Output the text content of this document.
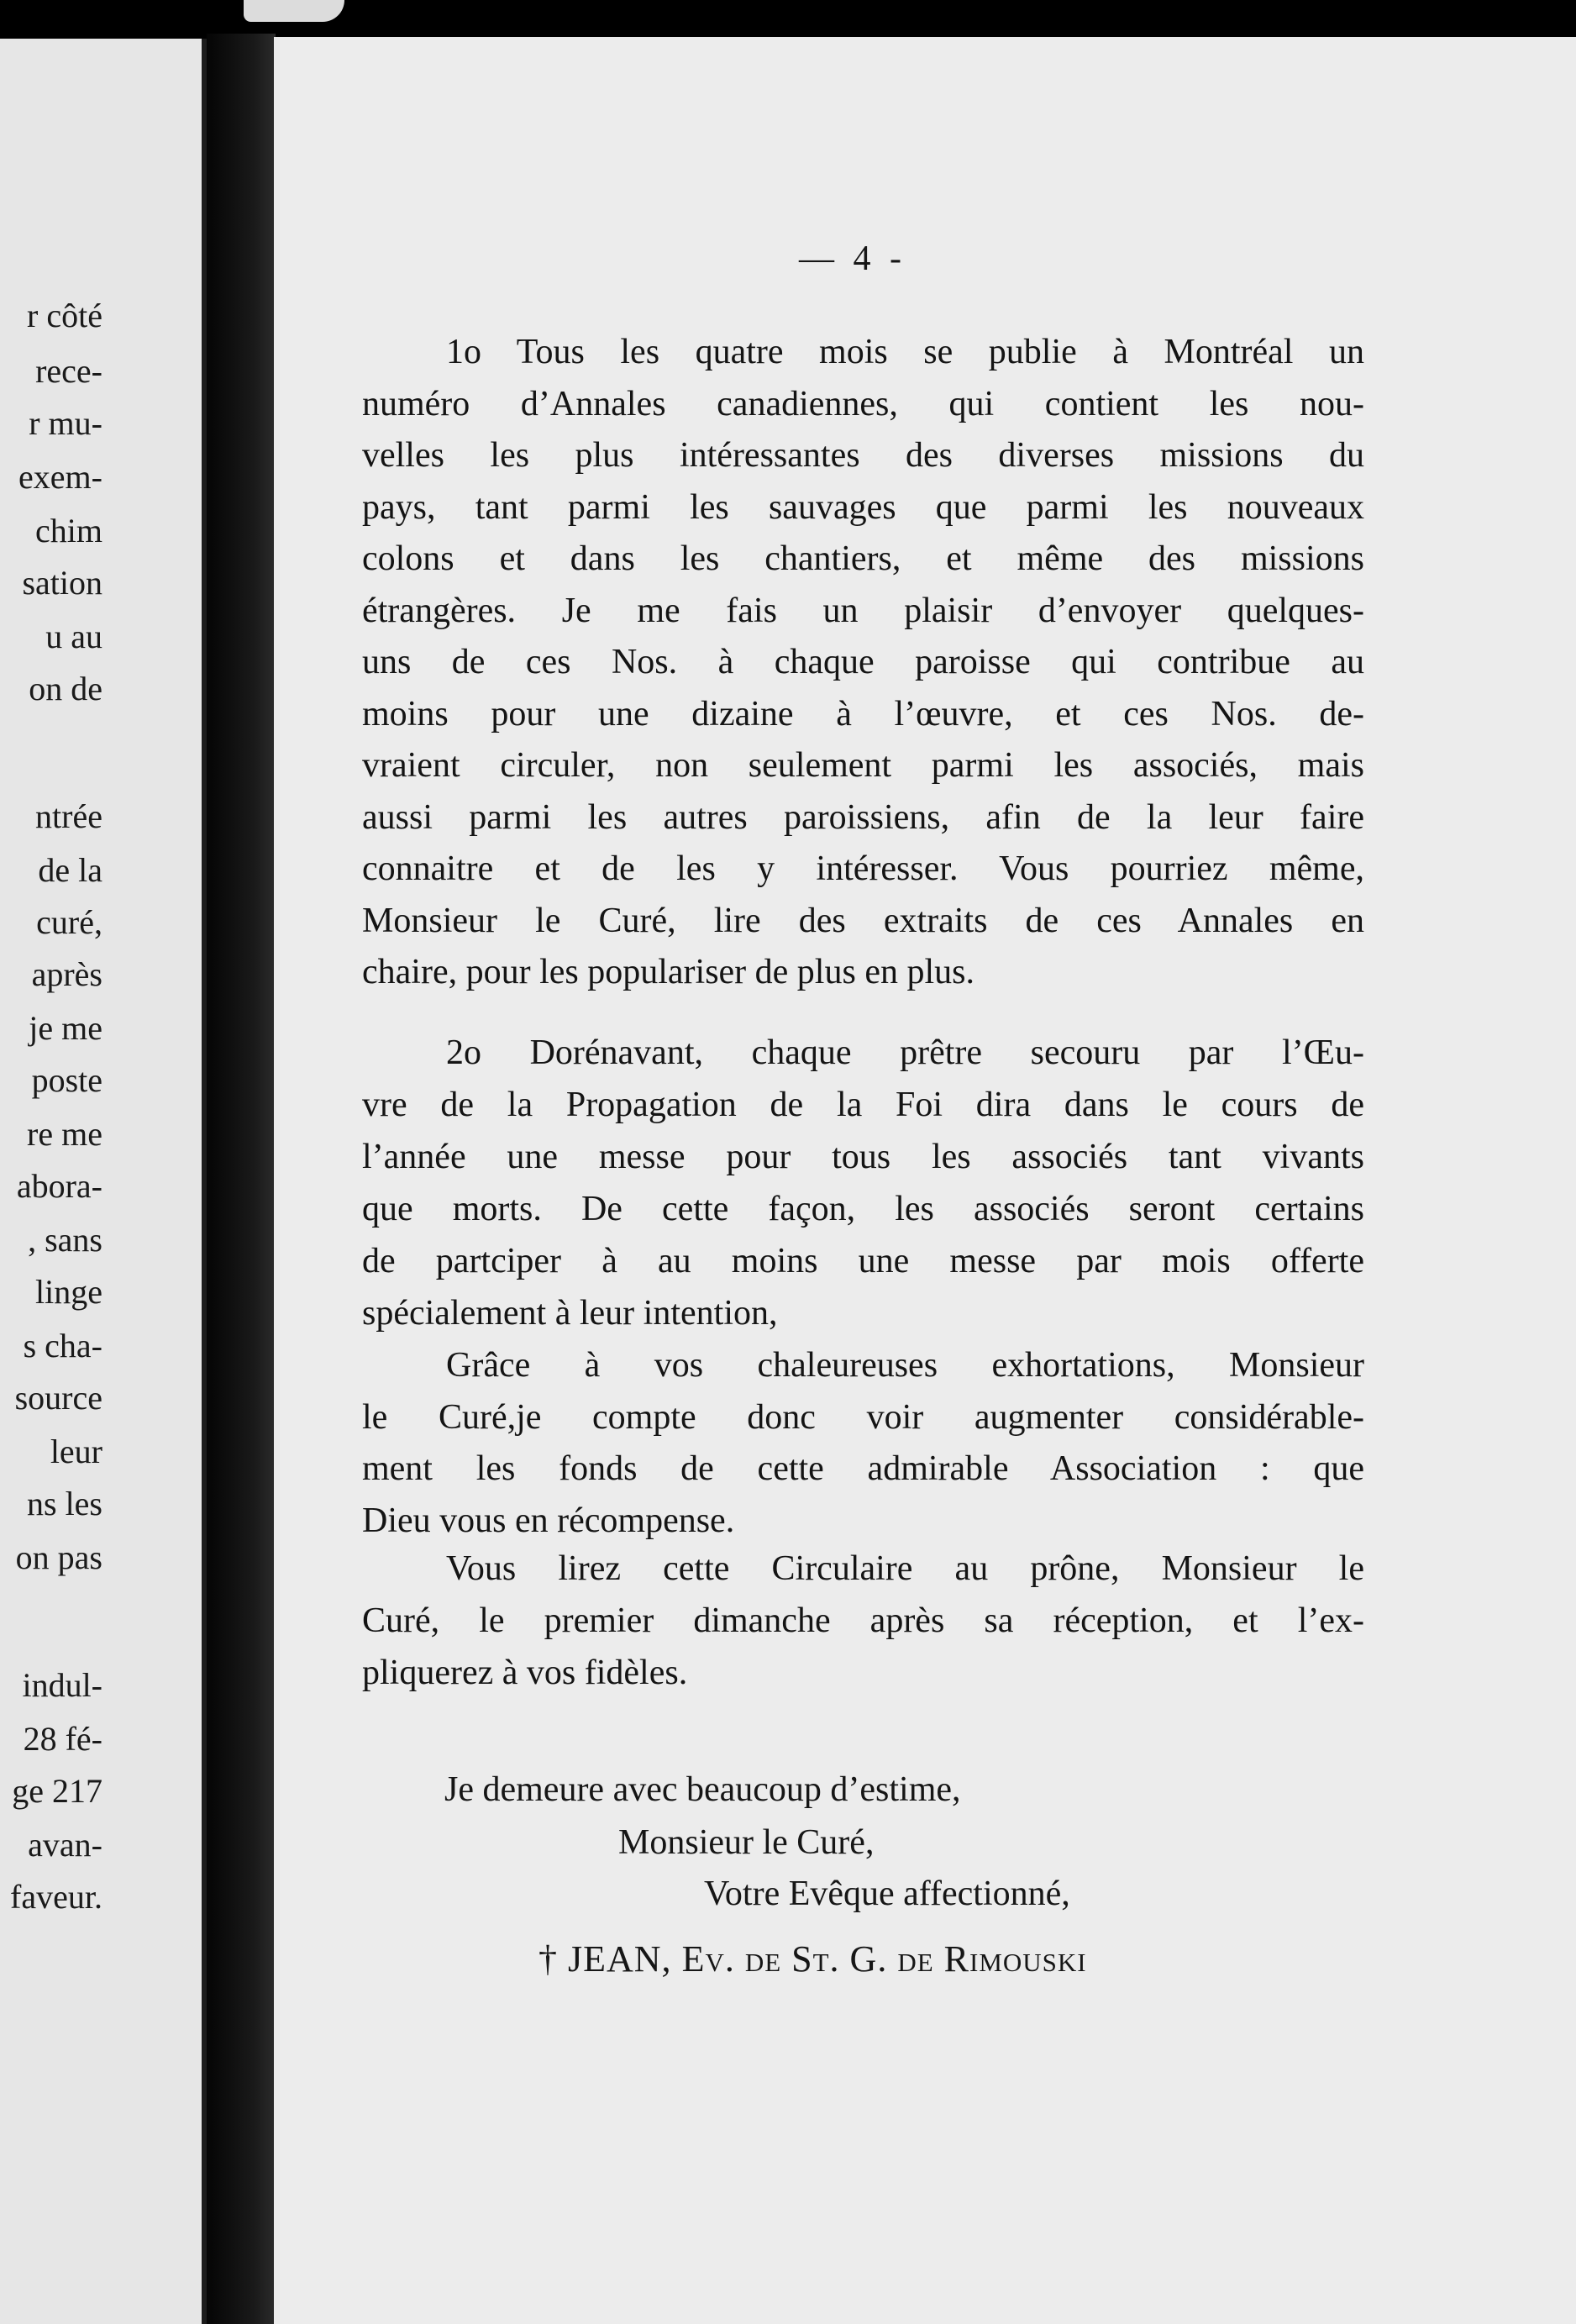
r côté
rece-
r mu-
exem-
chim
sation
u au
on de
ntrée
de la
curé,
après
je me
poste
re me
abora-
, sans
linge
s cha-
source
leur
ns les
on pas
indul-
28 fé-
ge 217
avan-
faveur.
— 4 -
1o Tous les quatre mois se publie à Montréal un
numéro d’Annales canadiennes, qui contient les nou-
velles les plus intéressantes des diverses missions du
pays, tant parmi les sauvages que parmi les nouveaux
colons et dans les chantiers, et même des missions
étrangères. Je me fais un plaisir d’envoyer quelques-
uns de ces Nos. à chaque paroisse qui contribue au
moins pour une dizaine à l’œuvre, et ces Nos. de-
vraient circuler, non seulement parmi les associés, mais
aussi parmi les autres paroissiens, afin de la leur faire
connaitre et de les y intéresser. Vous pourriez même,
Monsieur le Curé, lire des extraits de ces Annales en
chaire, pour les populariser de plus en plus.
2o Dorénavant, chaque prêtre secouru par l’Œu-
vre de la Propagation de la Foi dira dans le cours de
l’année une messe pour tous les associés tant vivants
que morts. De cette façon, les associés seront certains
de partciper à au moins une messe par mois offerte
spécialement à leur intention,
Grâce à vos chaleureuses exhortations, Monsieur
le Curé,je compte donc voir augmenter considérable-
ment les fonds de cette admirable Association : que
Dieu vous en récompense.
Vous lirez cette Circulaire au prône, Monsieur le
Curé, le premier dimanche après sa réception, et l’ex-
pliquerez à vos fidèles.
Je demeure avec beaucoup d’estime,
Monsieur le Curé,
Votre Evêque affectionné,
† JEAN, Ev. de St. G. de Rimouski
